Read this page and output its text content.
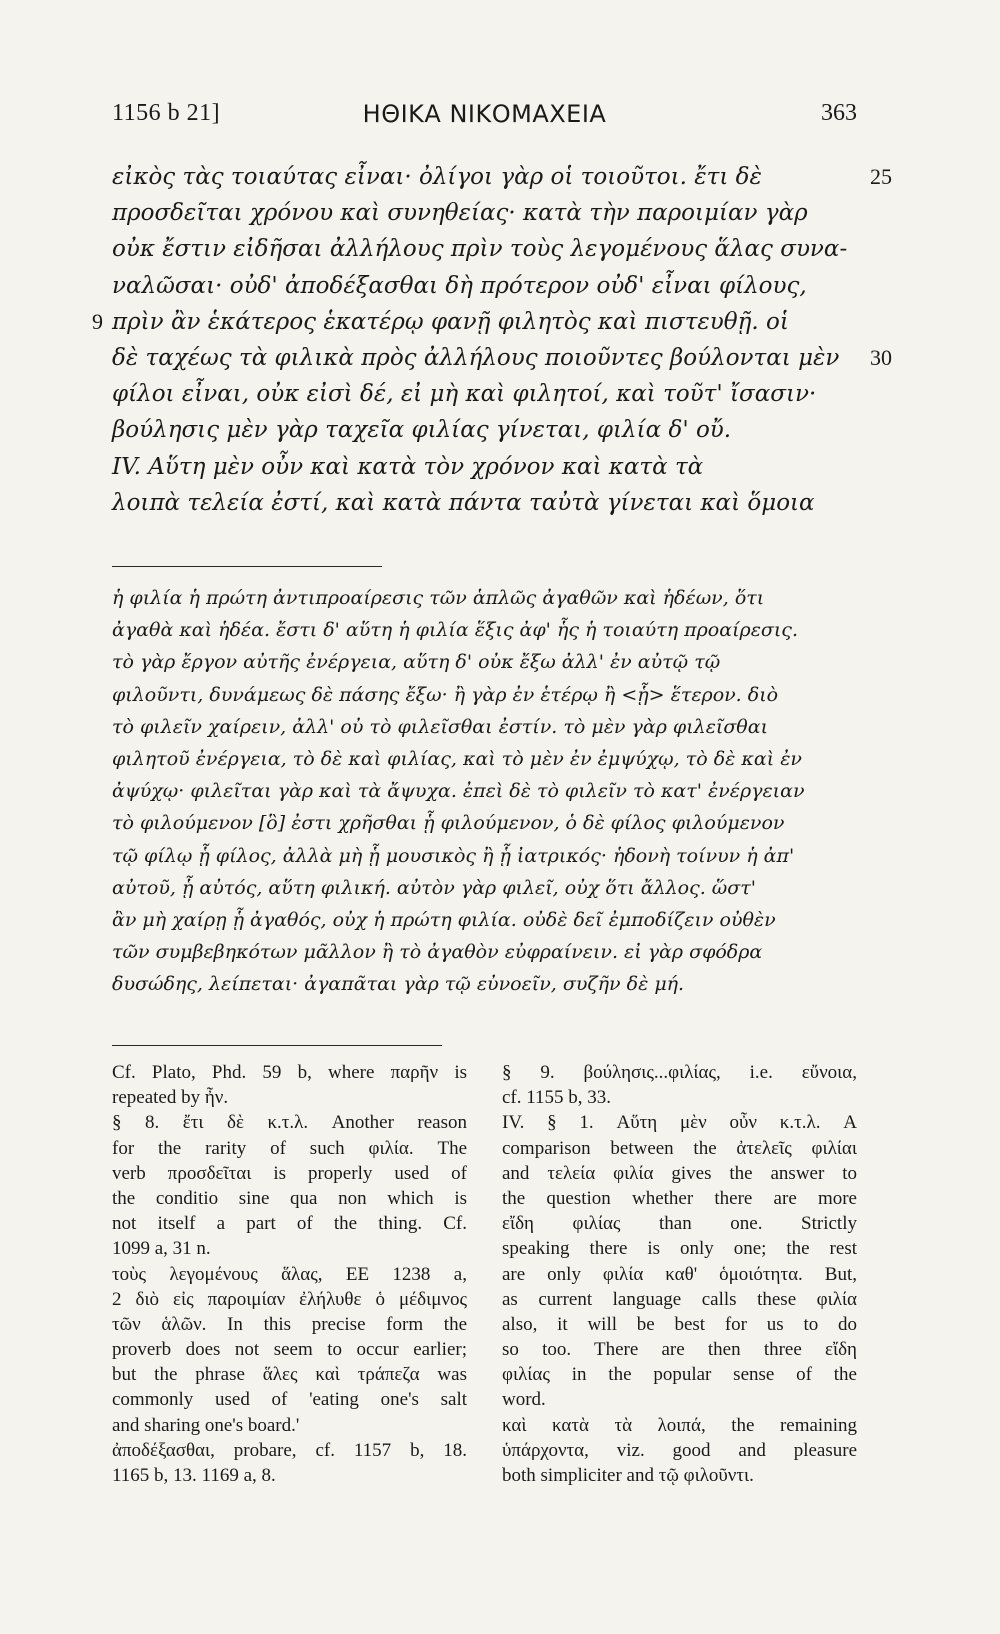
1156 b 21]	ΗΘΙΚΑ ΝΙΚΟΜΑΧΕΙΑ	363
εἰκὸς τὰς τοιαύτας εἶναι· ὀλίγοι γὰρ οἱ τοιοῦτοι. ἔτι δὲ	25
προσδεῖται χρόνου καὶ συνηθείας· κατὰ τὴν παροιμίαν γὰρ
οὐκ ἔστιν εἰδῆσαι ἀλλήλους πρὶν τοὺς λεγομένους ἅλας συνα-
ναλῶσαι· οὐδ' ἀποδέξασθαι δὴ πρότερον οὐδ' εἶναι φίλους,
9 πρὶν ἂν ἑκάτερος ἑκατέρῳ φανῇ φιλητὸς καὶ πιστευθῇ. οἱ
δὲ ταχέως τὰ φιλικὰ πρὸς ἀλλήλους ποιοῦντες βούλονται μὲν 30
φίλοι εἶναι, οὐκ εἰσὶ δέ, εἰ μὴ καὶ φιλητοί, καὶ τοῦτ' ἴσασιν·
βούλησις μὲν γὰρ ταχεῖα φιλίας γίνεται, φιλία δ' οὔ.
IV. Αὕτη μὲν οὖν καὶ κατὰ τὸν χρόνον καὶ κατὰ τὰ
λοιπὰ τελεία ἐστί, καὶ κατὰ πάντα ταὐτὰ γίνεται καὶ ὅμοια
ἡ φιλία ἡ πρώτη ἀντιπροαίρεσις τῶν ἁπλῶς ἀγαθῶν καὶ ἡδέων, ὅτι
ἀγαθὰ καὶ ἡδέα. ἔστι δ' αὕτη ἡ φιλία ἕξις ἀφ' ἧς ἡ τοιαύτη προαίρεσις.
τὸ γὰρ ἔργον αὐτῆς ἐνέργεια, αὕτη δ' οὐκ ἔξω ἀλλ' ἐν αὐτῷ τῷ
φιλοῦντι, δυνάμεως δὲ πάσης ἔξω· ἢ γὰρ ἐν ἑτέρῳ ἢ <ᾗ> ἕτερον. διὸ
τὸ φιλεῖν χαίρειν, ἀλλ' οὐ τὸ φιλεῖσθαι ἐστίν. τὸ μὲν γὰρ φιλεῖσθαι
φιλητοῦ ἐνέργεια, τὸ δὲ καὶ φιλίας, καὶ τὸ μὲν ἐν ἐμψύχῳ, τὸ δὲ καὶ ἐν
ἀψύχῳ· φιλεῖται γὰρ καὶ τὰ ἄψυχα. ἐπεὶ δὲ τὸ φιλεῖν τὸ κατ' ἐνέργειαν
τὸ φιλούμενον [ὃ] ἐστι χρῆσθαι ᾗ φιλούμενον, ὁ δὲ φίλος φιλούμενον
τῷ φίλῳ ᾗ φίλος, ἀλλὰ μὴ ᾗ μουσικὸς ἢ ᾗ ἰατρικός· ἡδονὴ τοίνυν ἡ ἀπ'
αὐτοῦ, ᾗ αὐτός, αὕτη φιλική. αὐτὸν γὰρ φιλεῖ, οὐχ ὅτι ἄλλος. ὥστ'
ἂν μὴ χαίρῃ ᾗ ἀγαθός, οὐχ ἡ πρώτη φιλία. οὐδὲ δεῖ ἐμποδίζειν οὐθὲν
τῶν συμβεβηκότων μᾶλλον ἢ τὸ ἀγαθὸν εὐφραίνειν. εἰ γὰρ σφόδρα
δυσώδης, λείπεται· ἀγαπᾶται γὰρ τῷ εὐνοεῖν, συζῆν δὲ μή.
Cf. Plato, Phd. 59 b, where παρῆν is
repeated by ἦν.
§ 8. ἔτι δὲ κ.τ.λ. Another reason
for the rarity of such φιλία. The
verb προσδεῖται is properly used of
the conditio sine qua non which is
not itself a part of the thing. Cf.
1099 a, 31 n.
τοὺς λεγομένους ἅλας, EE 1238 a,
2 διὸ εἰς παροιμίαν ἐλήλυθε ὁ μέδιμνος
τῶν ἁλῶν. In this precise form the
proverb does not seem to occur earlier;
but the phrase ἅλες καὶ τράπεζα was
commonly used of 'eating one's salt
and sharing one's board.'
ἀποδέξασθαι, probare, cf. 1157 b, 18.
1165 b, 13. 1169 a, 8.
§ 9. βούλησις...φιλίας, i.e. εὔνοια,
cf. 1155 b, 33.
IV. § 1. Αὕτη μὲν οὖν κ.τ.λ. A
comparison between the ἀτελεῖς φιλίαι
and τελεία φιλία gives the answer to
the question whether there are more
εἴδη φιλίας than one. Strictly
speaking there is only one; the rest
are only φιλία καθ' ὁμοιότητα. But,
as current language calls these φιλία
also, it will be best for us to do
so too. There are then three εἴδη
φιλίας in the popular sense of the
word.
καὶ κατὰ τὰ λοιπά, the remaining
ὑπάρχοντα, viz. good and pleasure
both simpliciter and τῷ φιλοῦντι.
